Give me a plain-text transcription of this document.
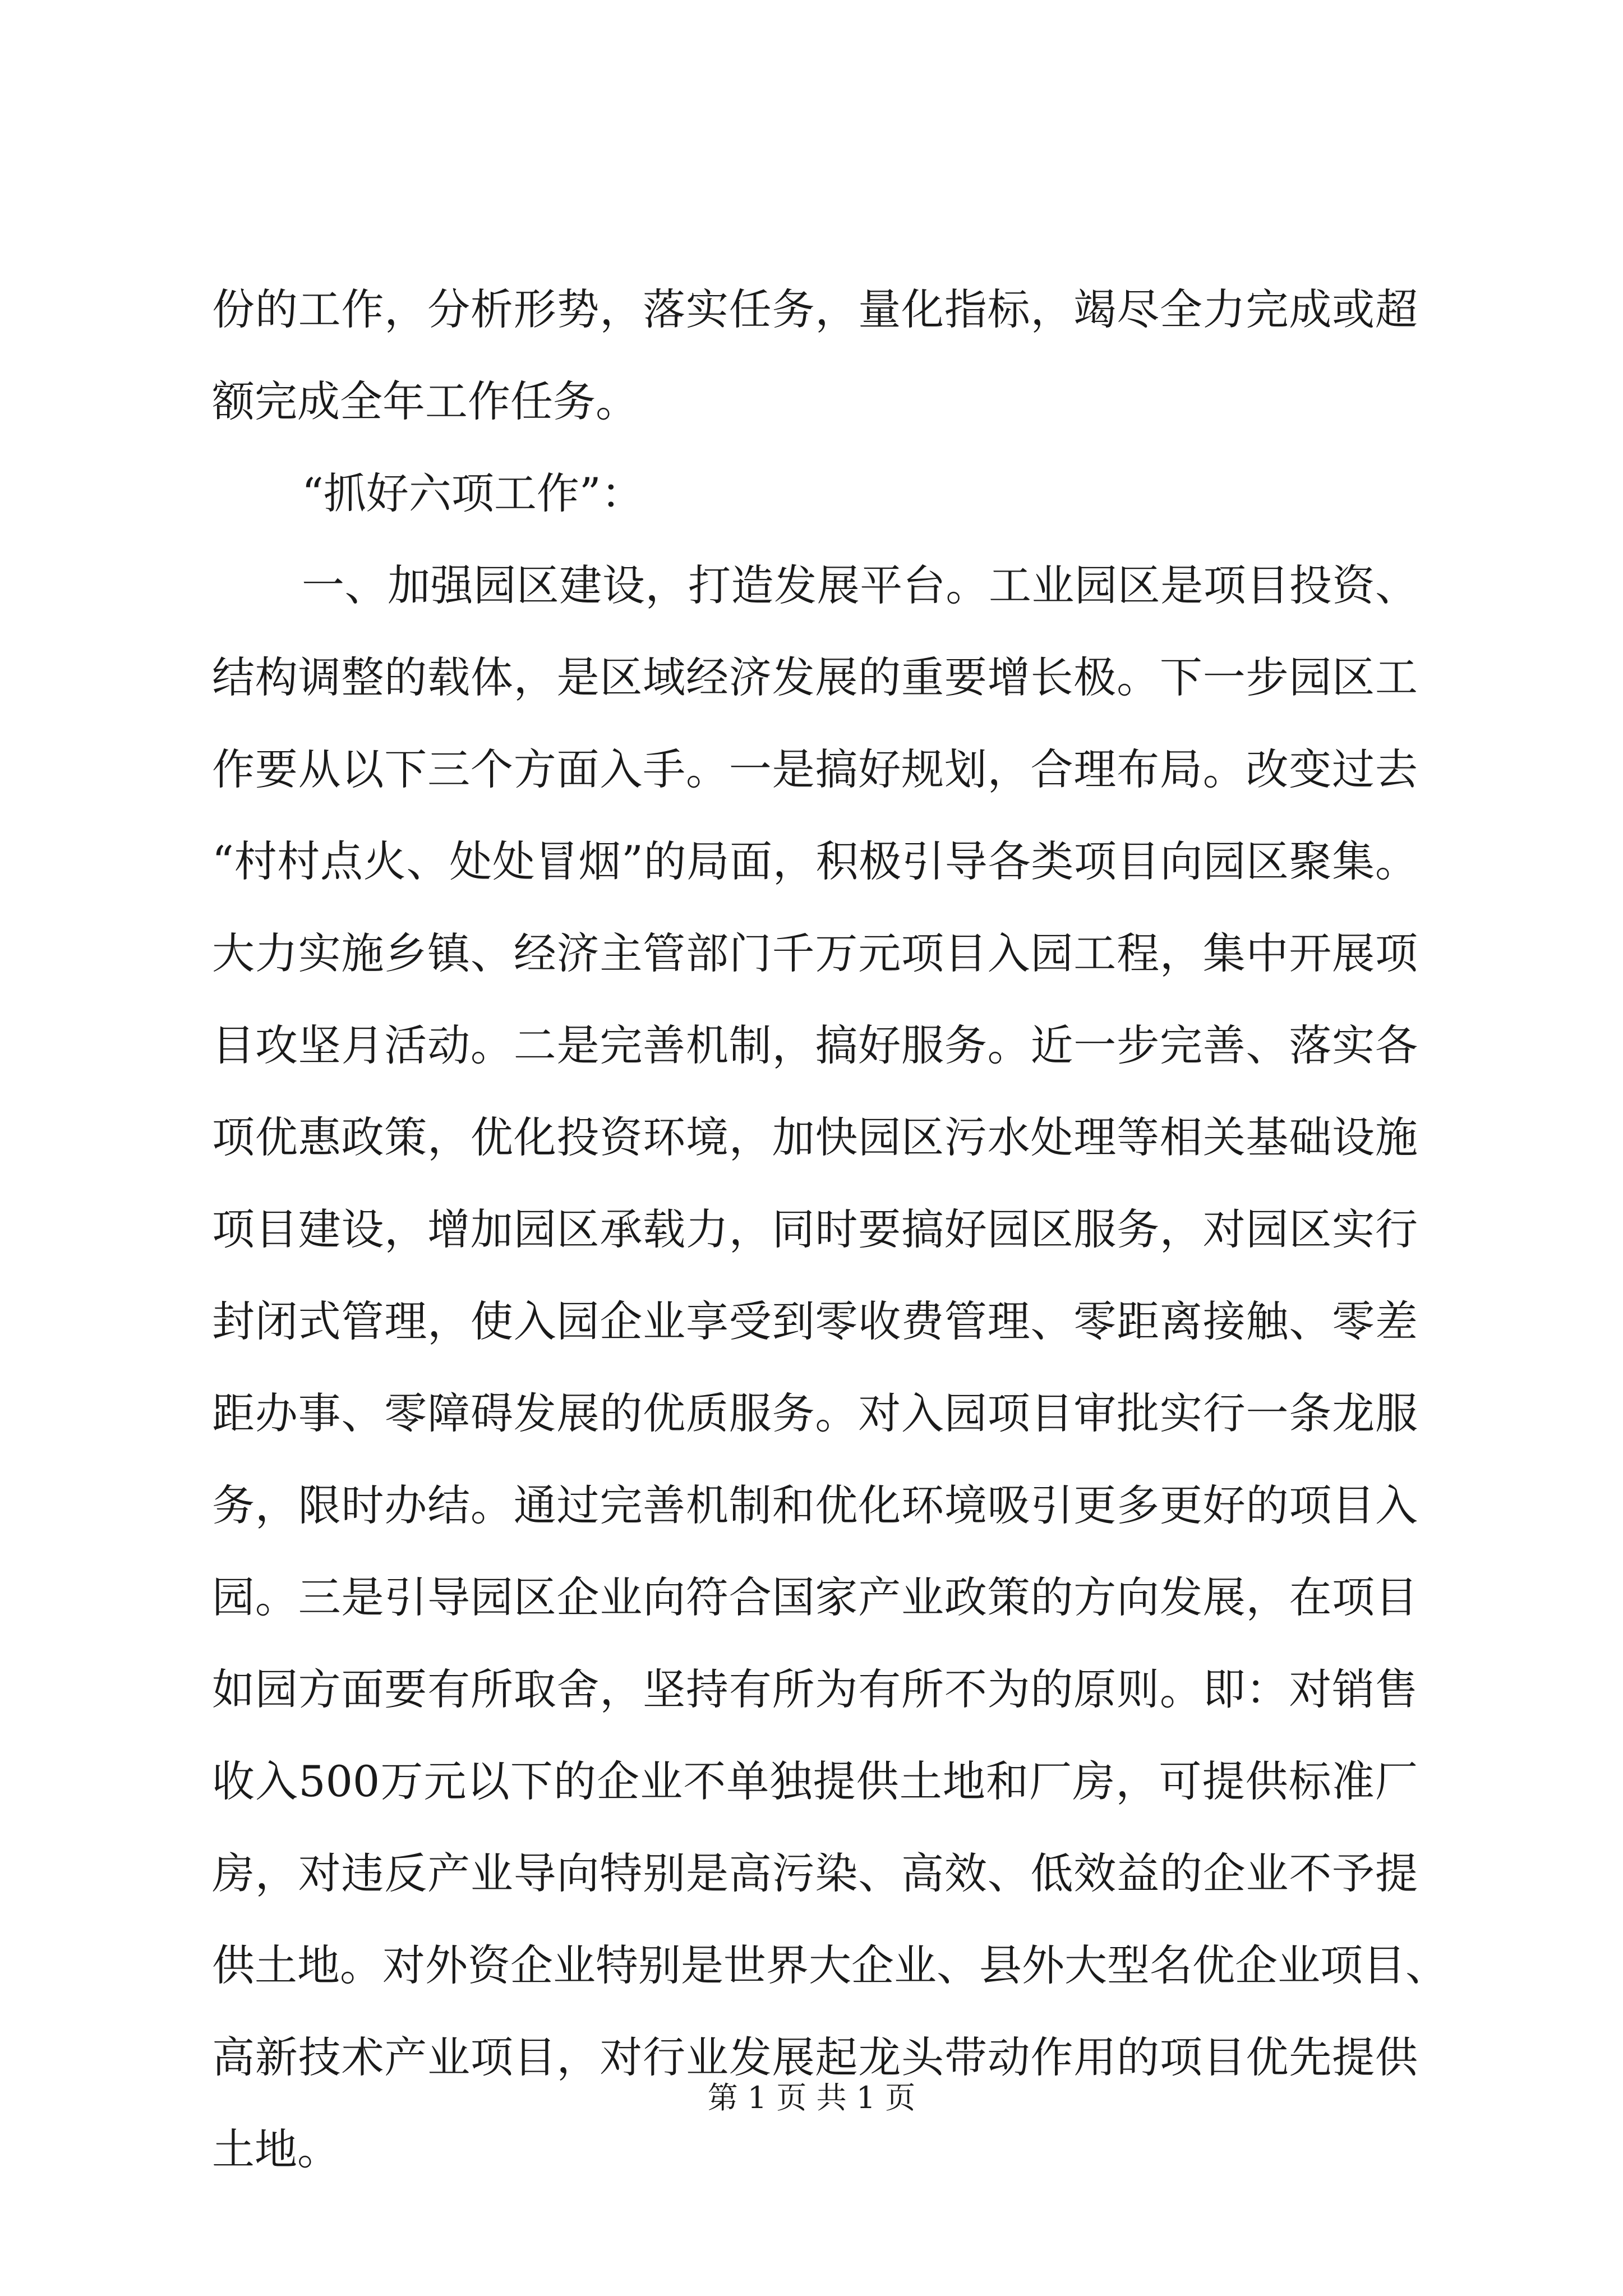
份的工作，分析形势，落实任务，量化指标，竭尽全力完成或超
额完成全年工作任务。
“抓好六项工作”：
一、加强园区建设，打造发展平台。工业园区是项目投资、
结构调整的载体，是区域经济发展的重要增长极。下一步园区工
作要从以下三个方面入手。一是搞好规划，合理布局。改变过去
“村村点火、处处冒烟”的局面，积极引导各类项目向园区聚集。
大力实施乡镇、经济主管部门千万元项目入园工程，集中开展项
目攻坚月活动。二是完善机制，搞好服务。近一步完善、落实各
项优惠政策，优化投资环境，加快园区污水处理等相关基础设施
项目建设，增加园区承载力，同时要搞好园区服务，对园区实行
封闭式管理，使入园企业享受到零收费管理、零距离接触、零差
距办事、零障碍发展的优质服务。对入园项目审批实行一条龙服
务，限时办结。通过完善机制和优化环境吸引更多更好的项目入
园。三是引导园区企业向符合国家产业政策的方向发展，在项目
如园方面要有所取舍，坚持有所为有所不为的原则。即：对销售
收入500万元以下的企业不单独提供土地和厂房，可提供标准厂
房，对违反产业导向特别是高污染、高效、低效益的企业不予提
供土地。对外资企业特别是世界大企业、县外大型名优企业项目、
高新技术产业项目，对行业发展起龙头带动作用的项目优先提供
土地。
第 1 页 共 1 页
